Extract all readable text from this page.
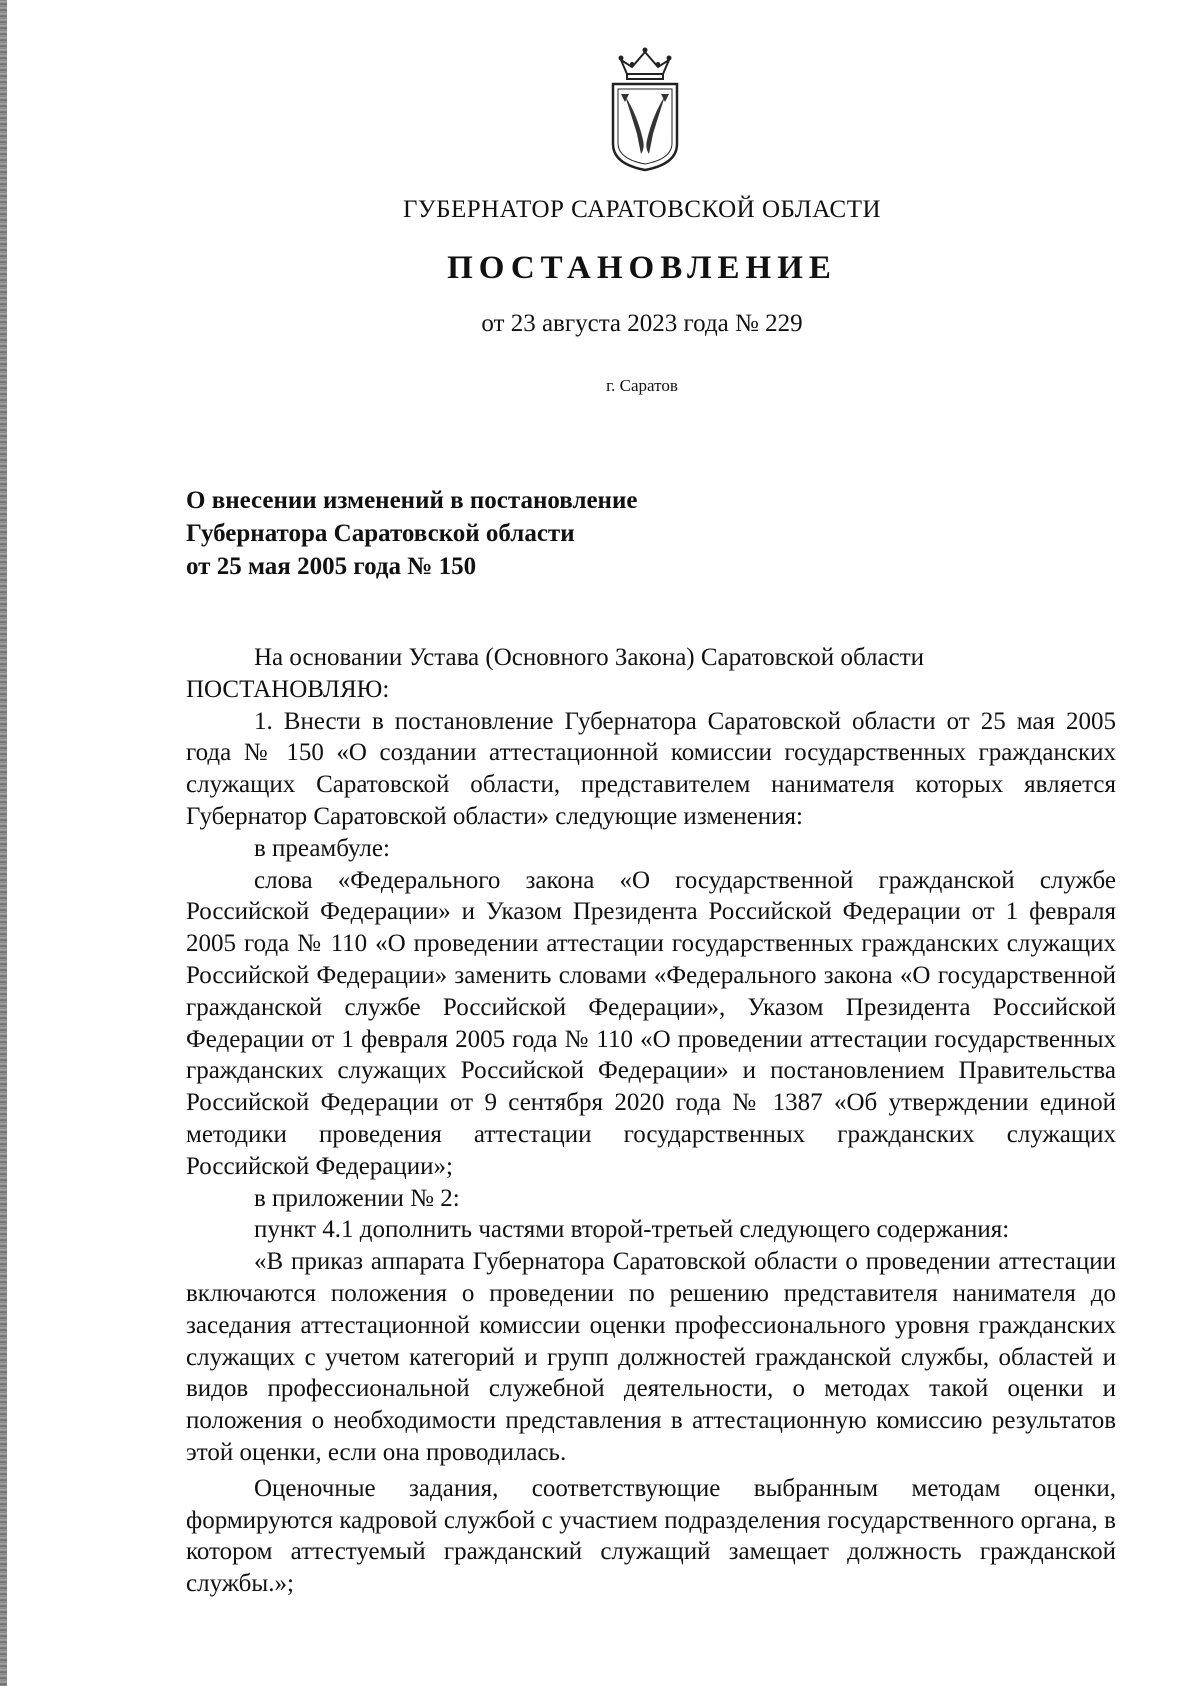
ГУБЕРНАТОР САРАТОВСКОЙ ОБЛАСТИ
ПОСТАНОВЛЕНИЕ
от 23 августа 2023 года № 229
г. Саратов
О внесении изменений в постановление
Губернатора Саратовской области
от 25 мая 2005 года № 150

На основании Устава (Основного Закона) Саратовской области

ПОСТАНОВЛЯЮ:

1. Внести в постановление Губернатора Саратовской области от 25 мая 2005 года № 150 «О создании аттестационной комиссии государственных гражданских служащих Саратовской области, представителем нанимателя которых является Губернатор Саратовской области» следующие изменения:

в преамбуле:

слова «Федерального закона «О государственной гражданской службе Российской Федерации» и Указом Президента Российской Федерации от 1 февраля 2005 года № 110 «О проведении аттестации государственных гражданских служащих Российской Федерации» заменить словами «Федерального закона «О государственной гражданской службе Российской Федерации», Указом Президента Российской Федерации от 1 февраля 2005 года № 110 «О проведении аттестации государственных гражданских служащих Российской Федерации» и постановлением Правительства Российской Федерации от 9 сентября 2020 года № 1387 «Об утверждении единой методики проведения аттестации государственных гражданских служащих Российской Федерации»;

в приложении № 2:

пункт 4.1 дополнить частями второй-третьей следующего содержания:

«В приказ аппарата Губернатора Саратовской области о проведении аттестации включаются положения о проведении по решению представителя нанимателя до заседания аттестационной комиссии оценки профессионального уровня гражданских служащих с учетом категорий и групп должностей гражданской службы, областей и видов профессиональной служебной деятельности, о методах такой оценки и положения о необходимости представления в аттестационную комиссию результатов этой оценки, если она проводилась.

Оценочные задания, соответствующие выбранным методам оценки, формируются кадровой службой с участием подразделения государственного органа, в котором аттестуемый гражданский служащий замещает должность гражданской службы.»;
